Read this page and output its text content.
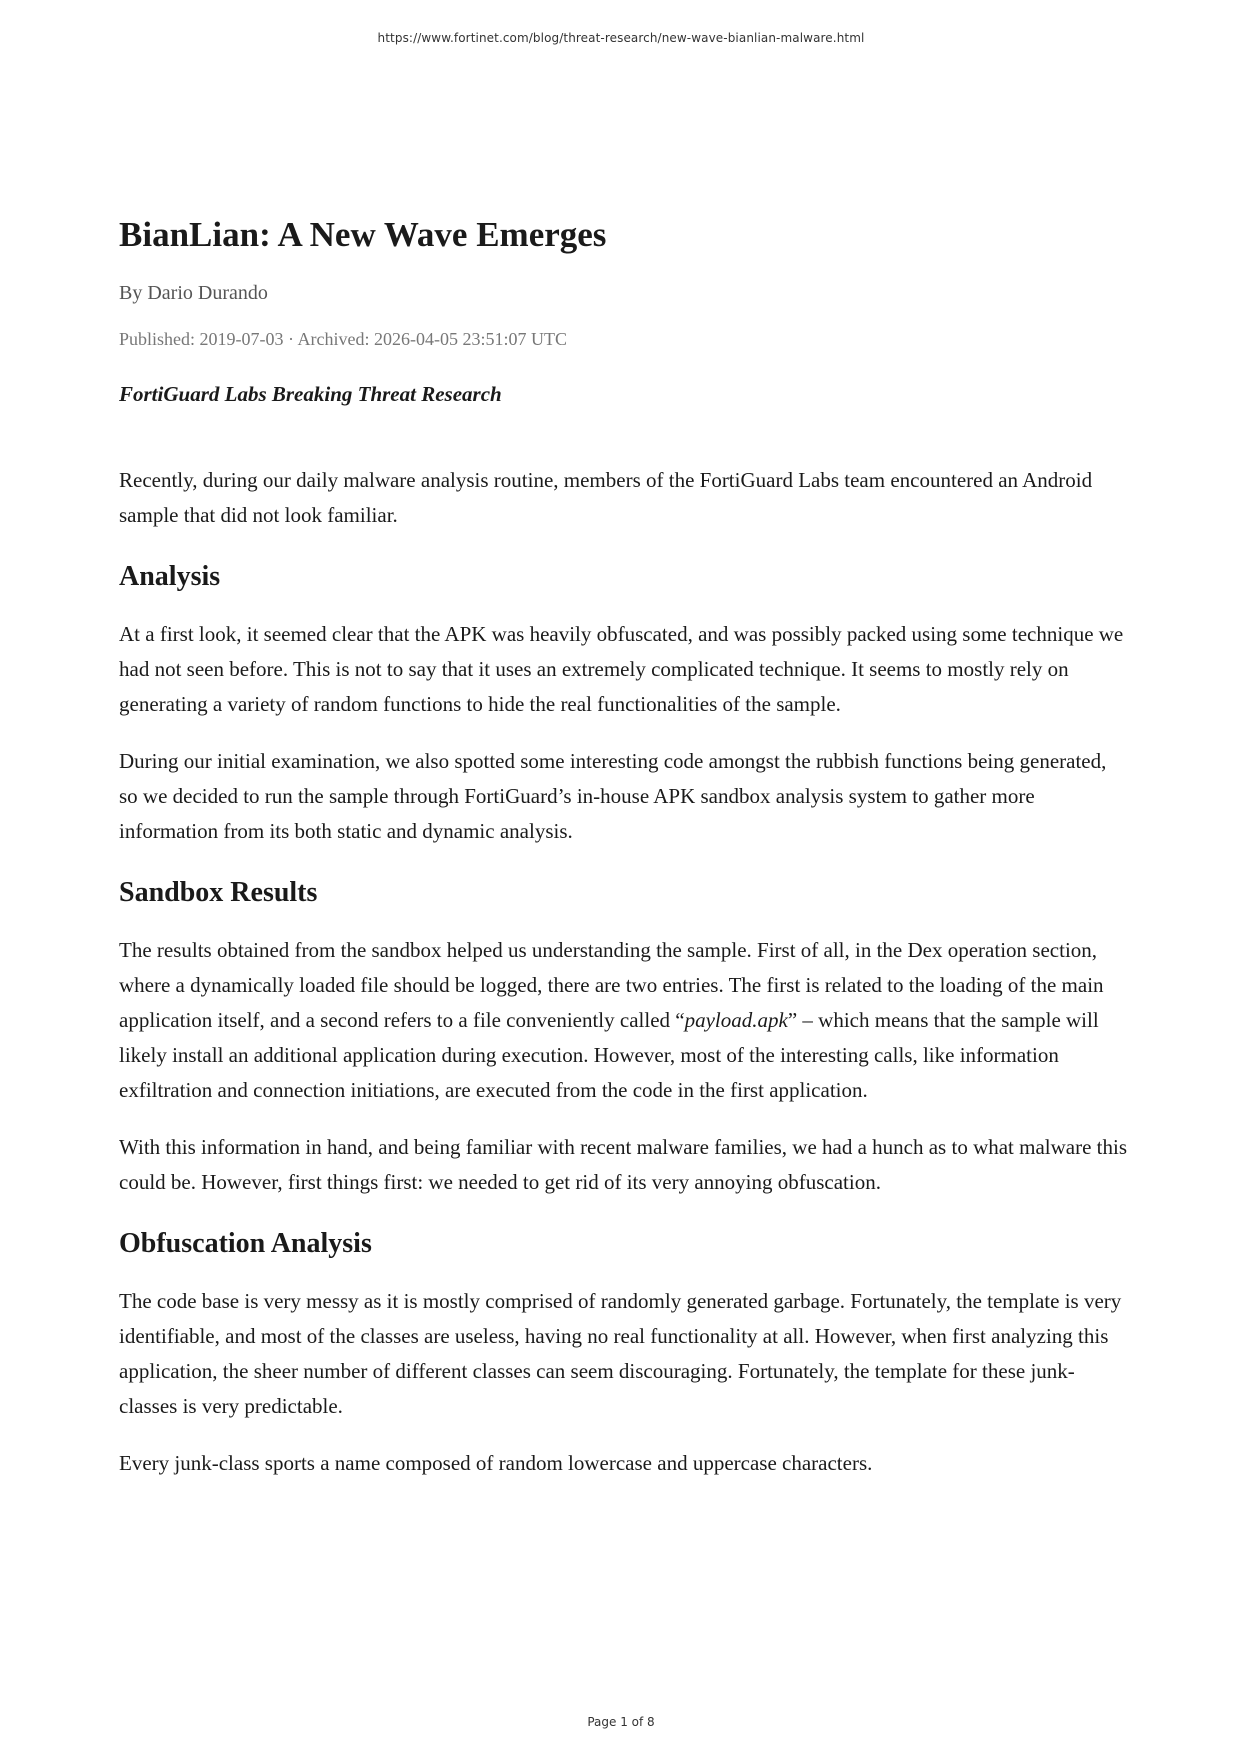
https://www.fortinet.com/blog/threat-research/new-wave-bianlian-malware.html
BianLian: A New Wave Emerges
By Dario Durando
Published: 2019-07-03 · Archived: 2026-04-05 23:51:07 UTC
FortiGuard Labs Breaking Threat Research

Recently, during our daily malware analysis routine, members of the FortiGuard Labs team encountered an Android sample that did not look familiar.

Analysis

At a first look, it seemed clear that the APK was heavily obfuscated, and was possibly packed using some technique we had not seen before. This is not to say that it uses an extremely complicated technique. It seems to mostly rely on generating a variety of random functions to hide the real functionalities of the sample.

During our initial examination, we also spotted some interesting code amongst the rubbish functions being generated, so we decided to run the sample through FortiGuard’s in-house APK sandbox analysis system to gather more information from its both static and dynamic analysis.

Sandbox Results

The results obtained from the sandbox helped us understanding the sample. First of all, in the Dex operation section, where a dynamically loaded file should be logged, there are two entries. The first is related to the loading of the main application itself, and a second refers to a file conveniently called “payload.apk” – which means that the sample will likely install an additional application during execution. However, most of the interesting calls, like information exfiltration and connection initiations, are executed from the code in the first application.

With this information in hand, and being familiar with recent malware families, we had a hunch as to what malware this could be. However, first things first: we needed to get rid of its very annoying obfuscation.

Obfuscation Analysis

The code base is very messy as it is mostly comprised of randomly generated garbage. Fortunately, the template is very identifiable, and most of the classes are useless, having no real functionality at all. However, when first analyzing this application, the sheer number of different classes can seem discouraging. Fortunately, the template for these junk-classes is very predictable.

Every junk-class sports a name composed of random lowercase and uppercase characters.

Page 1 of 8
